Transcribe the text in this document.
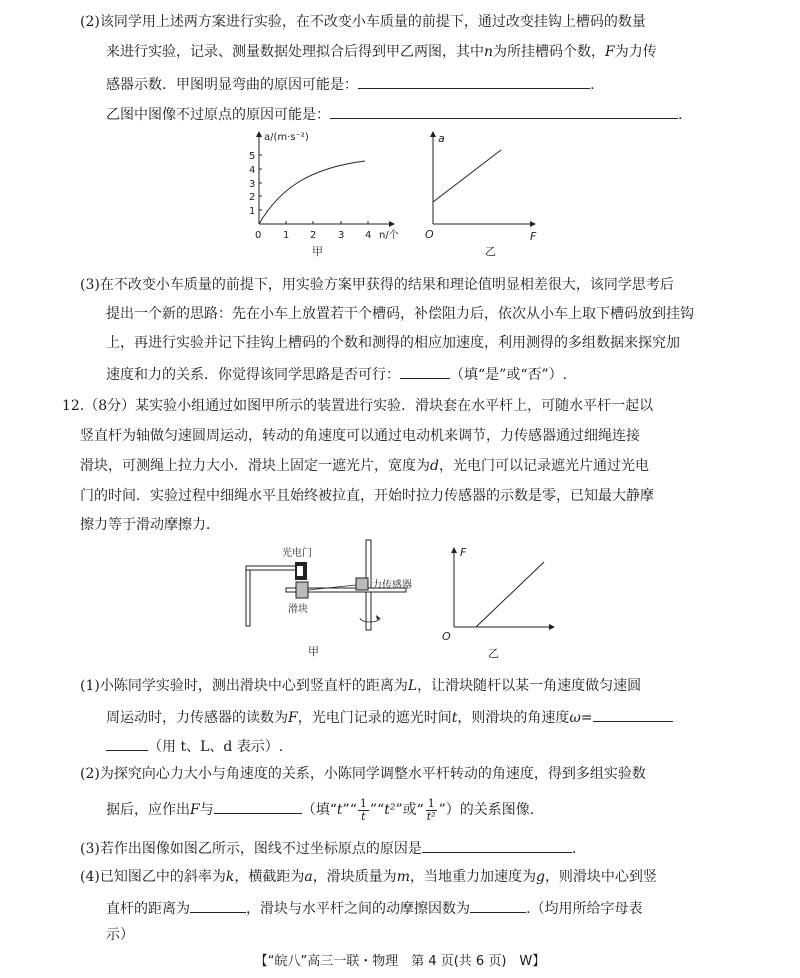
(2)该同学用上述两方案进行实验，在不改变小车质量的前提下，通过改变挂钩上槽码的数量
来进行实验，记录、测量数据处理拟合后得到甲乙两图，其中n为所挂槽码个数，F为力传
感器示数．甲图明显弯曲的原因可能是：	.
乙图中图像不过原点的原因可能是：	.
a/(m·s⁻²)
1
2
3
4
5
0 1 2 3 4 n/个
甲
a
F
O
乙
(3)在不改变小车质量的前提下，用实验方案甲获得的结果和理论值明显相差很大，该同学思考后
提出一个新的思路：先在小车上放置若干个槽码，补偿阻力后，依次从小车上取下槽码放到挂钩
上，再进行实验并记下挂钩上槽码的个数和测得的相应加速度，利用测得的多组数据来探究加
速度和力的关系．你觉得该同学思路是否可行：	（填“是”或“否”）.
12.（8分）某实验小组通过如图甲所示的装置进行实验．滑块套在水平杆上，可随水平杆一起以
竖直杆为轴做匀速圆周运动，转动的角速度可以通过电动机来调节，力传感器通过细绳连接
滑块，可测绳上拉力大小．滑块上固定一遮光片，宽度为d，光电门可以记录遮光片通过光电
门的时间．实验过程中细绳水平且始终被拉直，开始时拉力传感器的示数是零，已知最大静摩
擦力等于滑动摩擦力．
光电门
滑块
力传感器
甲
F
O
乙
(1)小陈同学实验时，测出滑块中心到竖直杆的距离为L，让滑块随杆以某一角速度做匀速圆
周运动时，力传感器的读数为F，光电门记录的遮光时间t，则滑块的角速度ω=
（用 t、L、d 表示）.
(2)为探究向心力大小与角速度的关系，小陈同学调整水平杆转动的角速度，得到多组实验数
据后，应作出F与	（填“t”“ $\frac{1}{t}$ ”“t²”或“ $\frac{1}{\text{t²}}$ ”）的关系图像.
(3)若作出图像如图乙所示，图线不过坐标原点的原因是	.
(4)已知图乙中的斜率为k，横截距为a，滑块质量为m，当地重力加速度为g，则滑块中心到竖
直杆的距离为	，滑块与水平杆之间的动摩擦因数为	.（均用所给字母表
示）
【“皖八”高三一联・物理　第 4 页(共 6 页)　W】
